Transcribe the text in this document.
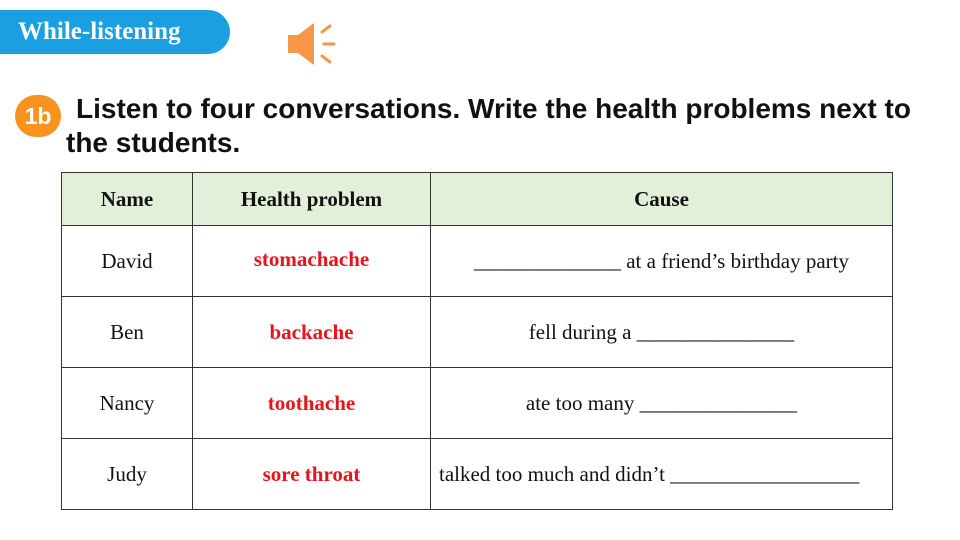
While-listening
1b Listen to four conversations. Write the health problems next to the students.

Name	Health problem	Cause
David	stomachache	______________ at a friend’s birthday party
Ben	backache	fell during a _______________
Nancy	toothache	ate too many _______________
Judy	sore throat	talked too much and didn’t __________________
